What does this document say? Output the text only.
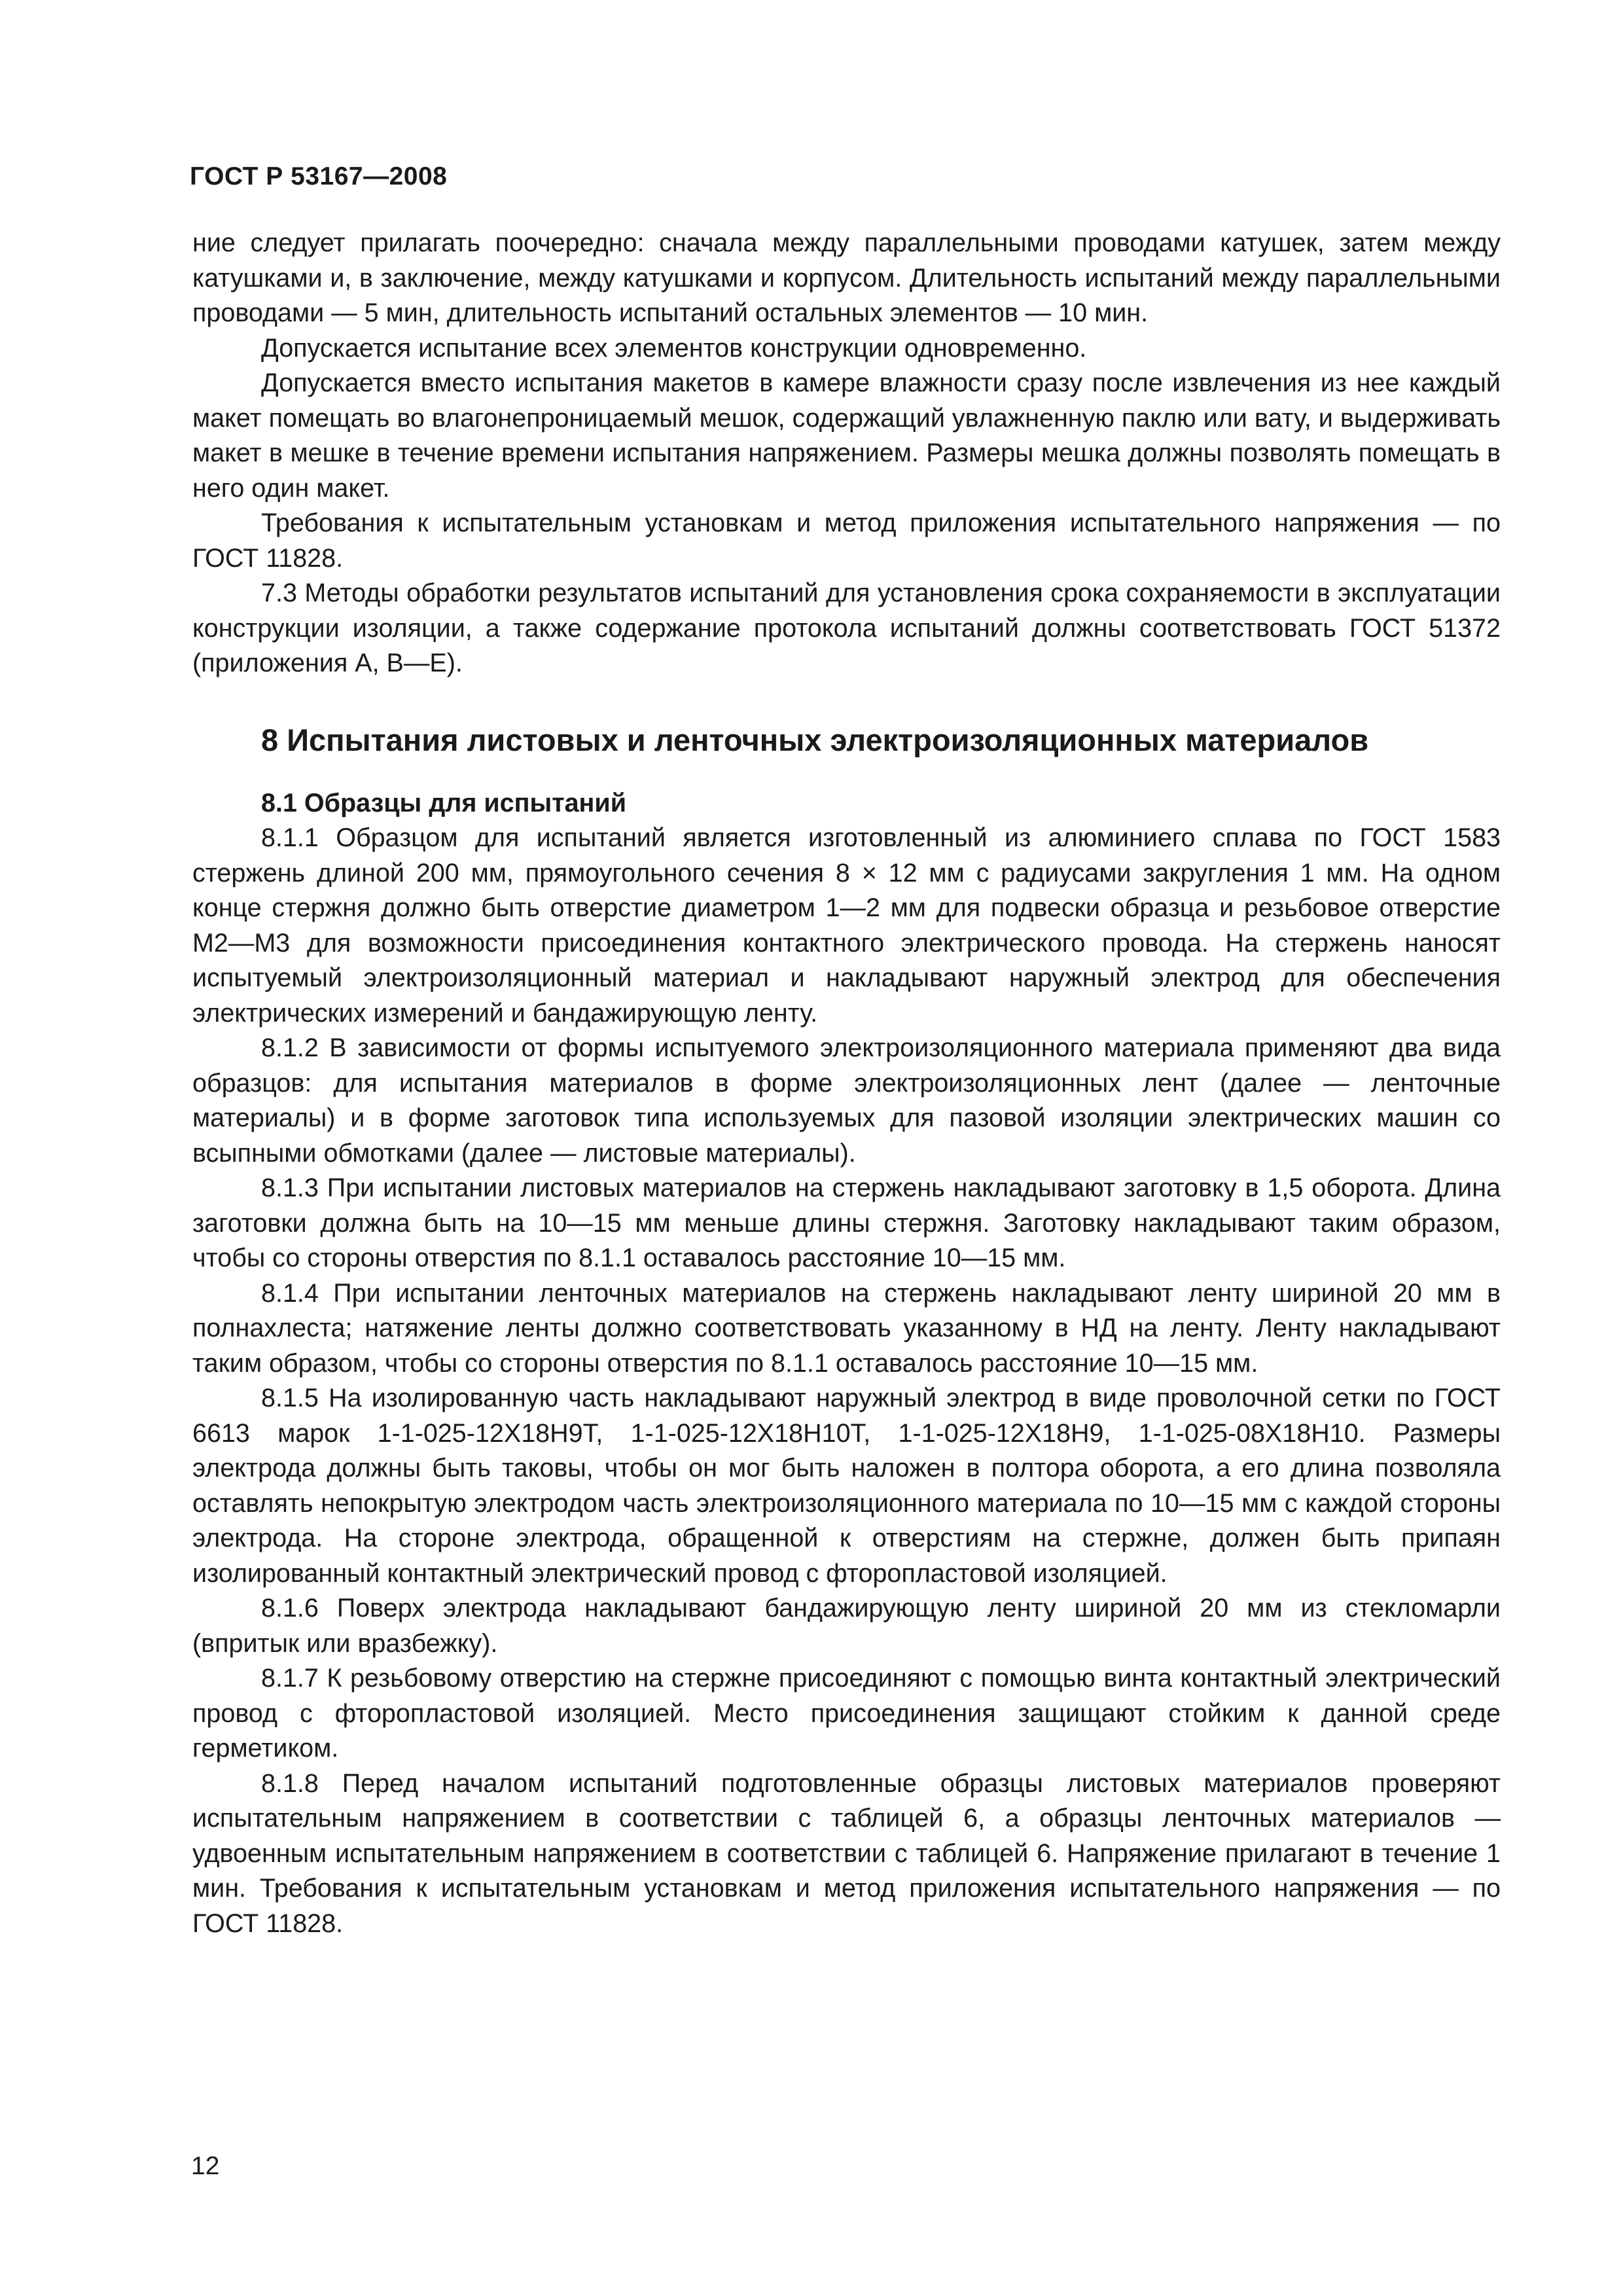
ГОСТ Р 53167—2008

ние следует прилагать поочередно: сначала между параллельными проводами катушек, затем между катушками и, в заключение, между катушками и корпусом. Длительность испытаний между параллельными проводами — 5 мин, длительность испытаний остальных элементов — 10 мин.

Допускается испытание всех элементов конструкции одновременно.

Допускается вместо испытания макетов в камере влажности сразу после извлечения из нее каждый макет помещать во влагонепроницаемый мешок, содержащий увлажненную паклю или вату, и выдерживать макет в мешке в течение времени испытания напряжением. Размеры мешка должны позволять помещать в него один макет.

Требования к испытательным установкам и метод приложения испытательного напряжения — по ГОСТ 11828.

7.3 Методы обработки результатов испытаний для установления срока сохраняемости в эксплуатации конструкции изоляции, а также содержание протокола испытаний должны соответствовать ГОСТ 51372 (приложения А, В—Е).

8 Испытания листовых и ленточных электроизоляционных материалов
8.1 Образцы для испытаний

8.1.1 Образцом для испытаний является изготовленный из алюминиего сплава по ГОСТ 1583 стержень длиной 200 мм, прямоугольного сечения 8 × 12 мм с радиусами закругления 1 мм. На одном конце стержня должно быть отверстие диаметром 1—2 мм для подвески образца и резьбовое отверстие М2—М3 для возможности присоединения контактного электрического провода. На стержень наносят испытуемый электроизоляционный материал и накладывают наружный электрод для обеспечения электрических измерений и бандажирующую ленту.

8.1.2 В зависимости от формы испытуемого электроизоляционного материала применяют два вида образцов: для испытания материалов в форме электроизоляционных лент (далее — ленточные материалы) и в форме заготовок типа используемых для пазовой изоляции электрических машин со всыпными обмотками (далее — листовые материалы).

8.1.3 При испытании листовых материалов на стержень накладывают заготовку в 1,5 оборота. Длина заготовки должна быть на 10—15 мм меньше длины стержня. Заготовку накладывают таким образом, чтобы со стороны отверстия по 8.1.1 оставалось расстояние 10—15 мм.

8.1.4 При испытании ленточных материалов на стержень накладывают ленту шириной 20 мм в полнахлеста; натяжение ленты должно соответствовать указанному в НД на ленту. Ленту накладывают таким образом, чтобы со стороны отверстия по 8.1.1 оставалось расстояние 10—15 мм.

8.1.5 На изолированную часть накладывают наружный электрод в виде проволочной сетки по ГОСТ 6613 марок 1-1-025-12Х18Н9Т, 1-1-025-12Х18Н10Т, 1-1-025-12Х18Н9, 1-1-025-08Х18Н10. Размеры электрода должны быть таковы, чтобы он мог быть наложен в полтора оборота, а его длина позволяла оставлять непокрытую электродом часть электроизоляционного материала по 10—15 мм с каждой стороны электрода. На стороне электрода, обращенной к отверстиям на стержне, должен быть припаян изолированный контактный электрический провод с фторопластовой изоляцией.

8.1.6 Поверх электрода накладывают бандажирующую ленту шириной 20 мм из стекломарли (впритык или вразбежку).

8.1.7 К резьбовому отверстию на стержне присоединяют с помощью винта контактный электрический провод с фторопластовой изоляцией. Место присоединения защищают стойким к данной среде герметиком.

8.1.8 Перед началом испытаний подготовленные образцы листовых материалов проверяют испытательным напряжением в соответствии с таблицей 6, а образцы ленточных материалов — удвоенным испытательным напряжением в соответствии с таблицей 6. Напряжение прилагают в течение 1 мин. Требования к испытательным установкам и метод приложения испытательного напряжения — по ГОСТ 11828.

12
